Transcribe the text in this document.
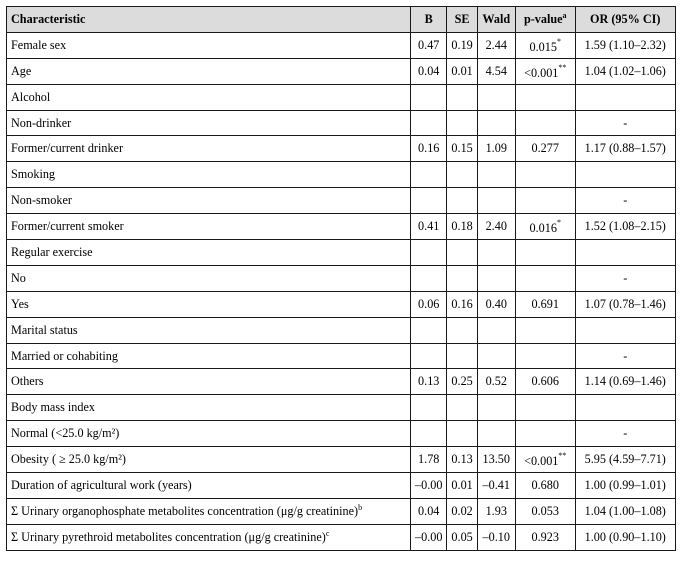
Characteristic	B	SE	Wald	p-value$^a$	OR (95% CI)
Female sex	0.47	0.19	2.44	0.015*	1.59 (1.10–2.32)
Age	0.04	0.01	4.54	<0.001**	1.04 (1.02–1.06)
Alcohol					
Non-drinker					-
Former/current drinker	0.16	0.15	1.09	0.277	1.17 (0.88–1.57)
Smoking					
Non-smoker					-
Former/current smoker	0.41	0.18	2.40	0.016*	1.52 (1.08–2.15)
Regular exercise					
No					-
Yes	0.06	0.16	0.40	0.691	1.07 (0.78–1.46)
Marital status					
Married or cohabiting					-
Others	0.13	0.25	0.52	0.606	1.14 (0.69–1.46)
Body mass index					
Normal (<25.0 kg/m²)					-
Obesity ( ≥ 25.0 kg/m²)	1.78	0.13	13.50	<0.001**	5.95 (4.59–7.71)
Duration of agricultural work (years)	–0.00	0.01	–0.41	0.680	1.00 (0.99–1.01)
Σ Urinary organophosphate metabolites concentration (μg/g creatinine)$^b$	0.04	0.02	1.93	0.053	1.04 (1.00–1.08)
Σ Urinary pyrethroid metabolites concentration (μg/g creatinine)$^c$	–0.00	0.05	–0.10	0.923	1.00 (0.90–1.10)
